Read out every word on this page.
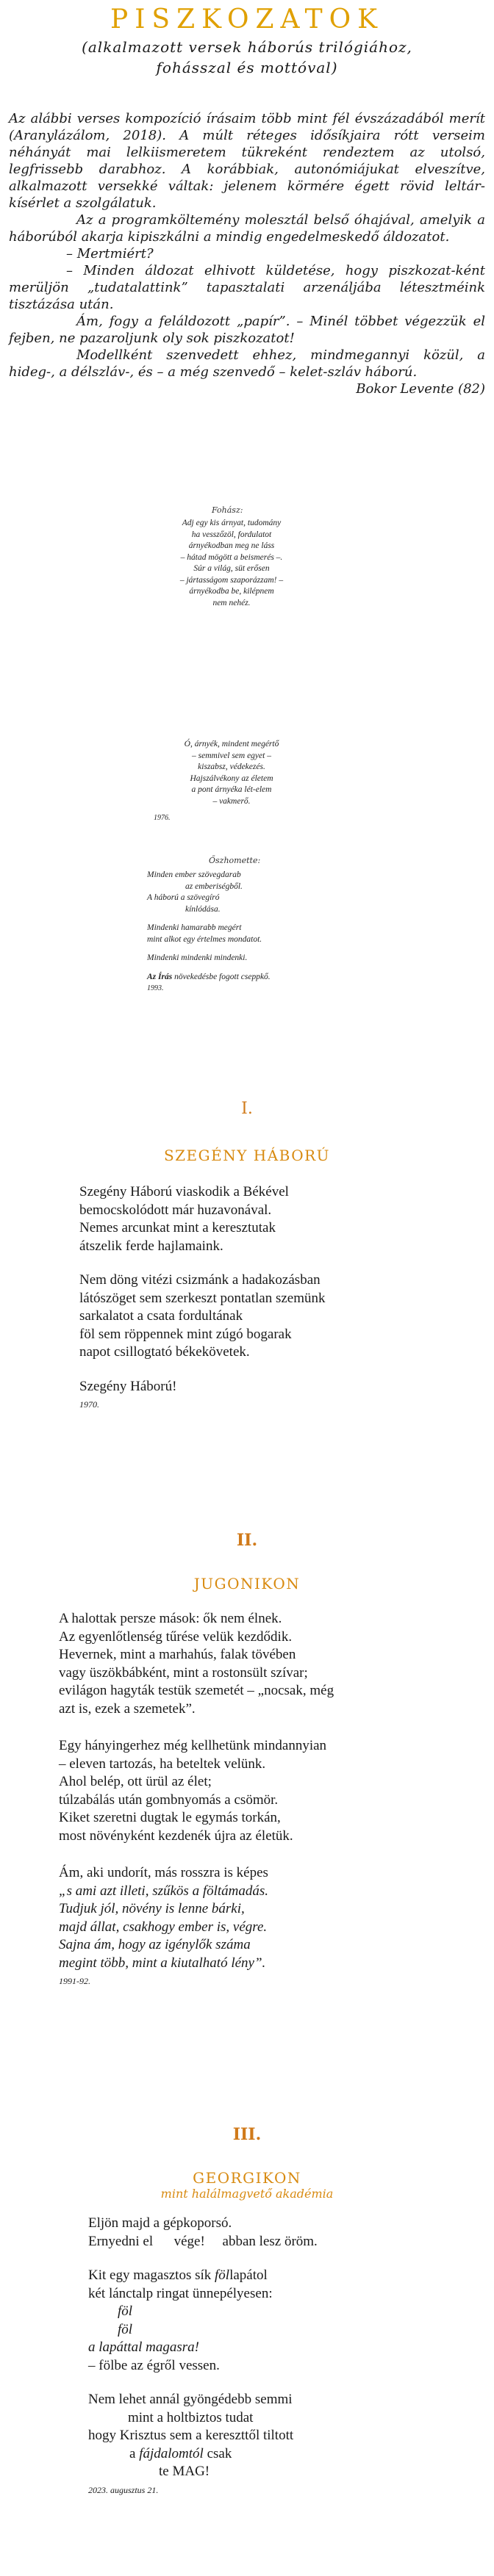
PISZKOZATOK
(alkalmazott versek háborús trilógiához,
fohásszal és mottóval)

Az alábbi verses kompozíció írásaim több mint fél évszázadából merít (Aranylázálom, 2018). A múlt réteges idősíkjaira rótt verseim néhányát mai lelkiismeretem tükreként rendeztem az utolsó, legfrissebb darabhoz. A korábbiak, autonómiájukat elveszítve, alkalmazott versekké váltak: jelenem körmére égett rövid leltár-kísérlet a szolgálatuk.

Az a programköltemény molesztál belső óhajával, amelyik a háborúból akarja kipiszkálni a mindig engedelmeskedő áldozatot.

– Mertmiért?

– Minden áldozat elhivott küldetése, hogy piszkozat-ként merüljön „tudatalattink” tapasztalati arzenáljába létesztméink tisztázása után.

Ám, fogy a feláldozott „papír”. – Minél többet végezzük el fejben, ne pazaroljunk oly sok piszkozatot!

Modellként szenvedett ehhez, mindmegannyi közül, a hideg-, a délszláv-, és – a még szenvedő – kelet-szláv háború.

Bokor Levente (82)

Fohász:

Adj egy kis árnyat, tudomány

ha vesszőzöl, fordulatot

árnyékodban meg ne láss

– hátad mögött a beismerés –.

Súr a világ, süt erősen

– jártasságom szaporázzam! –

árnyékodba be, kilépnem

nem nehéz.

Ó, árnyék, mindent megértő

– semmivel sem egyet –

kiszabsz, védekezés.

Hajszálvékony az életem

a pont árnyéka lét-elem

– vakmerő.

1976.
Őszhomette:

Minden ember szövegdarab

az emberiségből.

A háború a szövegíró

kínlódása.

Mindenki hamarabb megért

mint alkot egy értelmes mondatot.

Mindenki mindenki mindenki.

Az Írás növekedésbe fogott cseppkő.

1993.

I.
SZEGÉNY HÁBORÚ

Szegény Háború viaskodik a Békével

bemocskolódott már huzavonával.

Nemes arcunkat mint a keresztutak

átszelik ferde hajlamaink.

Nem döng vitézi csizmánk a hadakozásban

látószöget sem szerkeszt pontatlan szemünk

sarkalatot a csata fordultának

föl sem röppennek mint zúgó bogarak

napot csillogtató békekövetek.

Szegény Háború!

1970.

II.
JUGONIKON

A halottak persze mások: ők nem élnek.

Az egyenlőtlenség tűrése velük kezdődik.

Hevernek, mint a marhahús, falak tövében

vagy üszökbábként, mint a rostonsült szívar;

evilágon hagyták testük szemetét – „nocsak, még

azt is, ezek a szemetek”.

Egy hányingerhez még kellhetünk mindannyian

– eleven tartozás, ha beteltek velünk.

Ahol belép, ott ürül az élet;

túlzabálás után gombnyomás a csömör.

Kiket szeretni dugtak le egymás torkán,

most növényként kezdenék újra az életük.

Ám, aki undorít, más rosszra is képes

„s ami azt illeti, szűkös a föltámadás.

Tudjuk jól, növény is lenne bárki,

majd állat, csakhogy ember is, végre.

Sajna ám, hogy az igénylők száma

megint több, mint a kiutalható lény”.

1991-92.

III.
GEORGIKON
mint halálmagvető akadémia

Eljön majd a gépkoporsó.

Ernyedni el      vége!     abban lesz öröm.

Kit egy magasztos sík föllapátol

két lánctalp ringat ünnepélyesen:

föl

föl

a lapáttal magasra!

– fölbe az égről vessen.

Nem lehet annál gyöngédebb semmi

mint a holtbiztos tudat

hogy Krisztus sem a kereszttől tiltott

a fájdalomtól csak

te MAG!

2023. augusztus 21.
